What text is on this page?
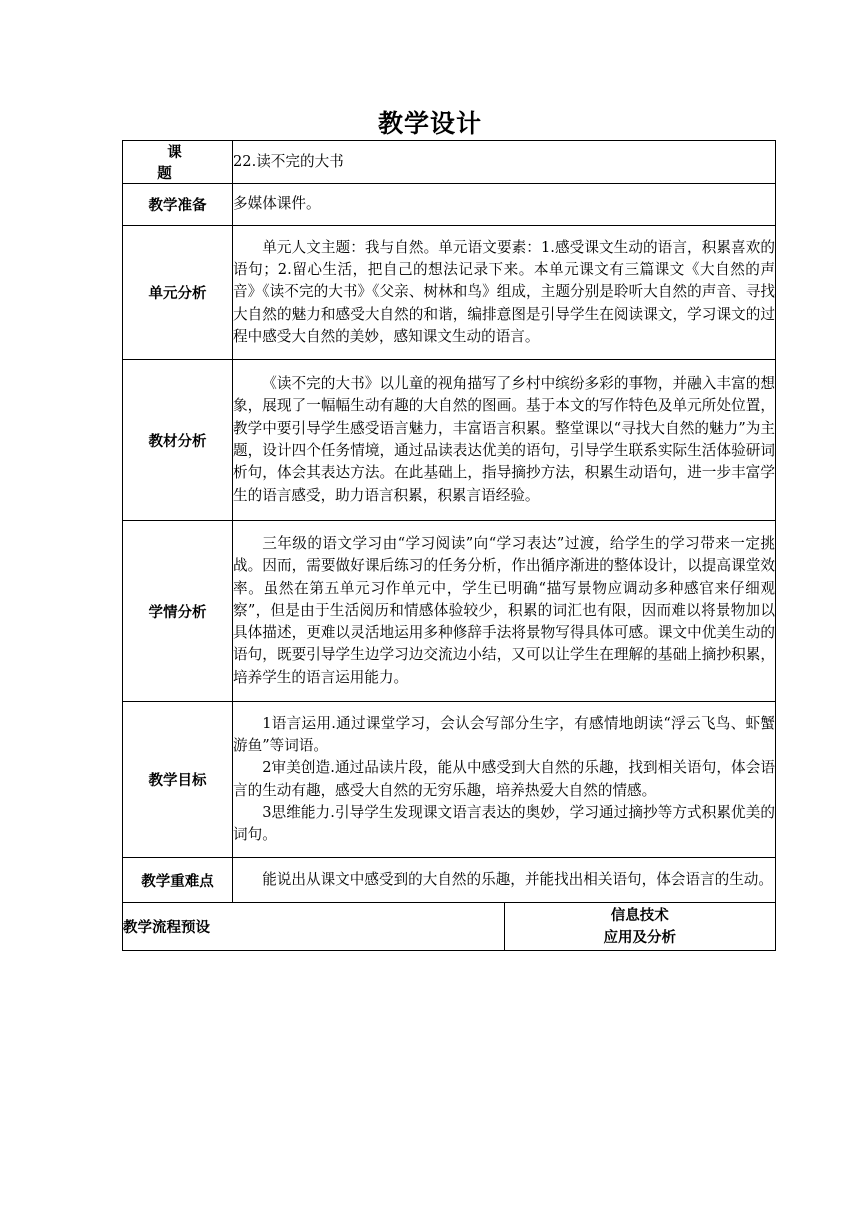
教学设计
课 题	22.读不完的大书	
教学准备	多媒体课件。	
单元分析	单元人文主题：我与自然。单元语文要素：1.感受课文生动的语言，积累喜欢的语句；2.留心生活，把自己的想法记录下来。本单元课文有三篇课文《大自然的声音》《读不完的大书》《父亲、树林和鸟》组成，主题分别是聆听大自然的声音、寻找大自然的魅力和感受大自然的和谐，编排意图是引导学生在阅读课文，学习课文的过程中感受大自然的美妙，感知课文生动的语言。	

教材分析	《读不完的大书》以儿童的视角描写了乡村中缤纷多彩的事物，并融入丰富的想象，展现了一幅幅生动有趣的大自然的图画。基于本文的写作特色及单元所处位置，教学中要引导学生感受语言魅力，丰富语言积累。整堂课以“寻找大自然的魅力”为主题，设计四个任务情境，通过品读表达优美的语句，引导学生联系实际生活体验研词析句，体会其表达方法。在此基础上，指导摘抄方法，积累生动语句，进一步丰富学生的语言感受，助力语言积累，积累言语经验。	

学情分析	三年级的语文学习由“学习阅读”向“学习表达”过渡，给学生的学习带来一定挑战。因而，需要做好课后练习的任务分析，作出循序渐进的整体设计，以提高课堂效率。虽然在第五单元习作单元中，学生已明确“描写景物应调动多种感官来仔细观察”，但是由于生活阅历和情感体验较少，积累的词汇也有限，因而难以将景物加以具体描述，更难以灵活地运用多种修辞手法将景物写得具体可感。课文中优美生动的语句，既要引导学生边学习边交流边小结，又可以让学生在理解的基础上摘抄积累，培养学生的语言运用能力。	

教学目标	1语言运用.通过课堂学习，会认会写部分生字，有感情地朗读“浮云飞鸟、虾蟹游鱼”等词语。

2审美创造.通过品读片段，能从中感受到大自然的乐趣，找到相关语句，体会语言的生动有趣，感受大自然的无穷乐趣，培养热爱大自然的情感。

3思维能力.引导学生发现课文语言表达的奥妙，学习通过摘抄等方式积累优美的词句。	

教学重难点	能说出从课文中感受到的大自然的乐趣，并能找出相关语句，体会语言的生动。	

教学流程预设		信息技术
应用及分析
